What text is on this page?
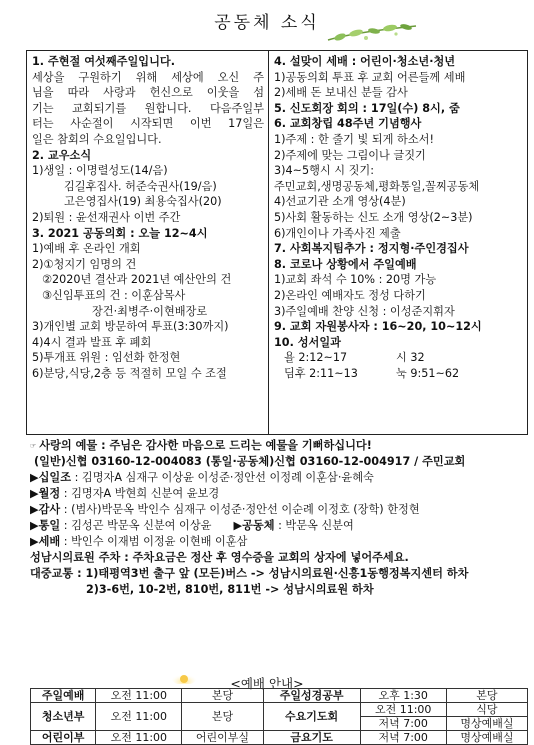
공동체 소식
1. 주현절 여섯째주일입니다.
세상을 구원하기 위해 세상에 오신 주
님을 따라 사랑과 헌신으로 이웃을 섬
기는 교회되기를 원합니다. 다음주일부
터는 사순절이 시작되면 이번 17일은
일은 참회의 수요일입니다.
2. 교우소식
1)생일 : 이명렬성도(14/음)
김길후집사. 허준숙권사(19/음)
고은영집사(19) 최용숙집사(20)
2)퇴원 : 윤선재권사 이번 주간
3. 2021 공동의회 : 오늘 12~4시
1)예배 후 온라인 개회
2)①청지기 임명의 건
②2020년 결산과 2021년 예산안의 건
③신임투표의 건 : 이훈삼목사
장건·최병주·이현배장로
3)개인별 교회 방문하여 투표(3:30까지)
4)4시 결과 발표 후 폐회
5)투개표 위원 : 임선화 한정현
6)분당,식당,2층 등 적절히 모일 수 조절
4. 설맞이 세배 : 어린이·청소년·청년
1)공동의회 투표 후 교회 어른들께 세배
2)세배 돈 보내신 분들 감사
5. 신도회장 회의 : 17일(수) 8시, 줌
6. 교회창립 48주년 기념행사
1)주제 : 한 줄기 빛 되게 하소서!
2)주제에 맞는 그림이나 글짓기
3)4~5행시 시 짓기:
주민교회,생명공동체,평화통일,꼴찌공동체
4)선교기관 소개 영상(4분)
5)사회 활동하는 신도 소개 영상(2~3분)
6)개인이나 가족사진 제출
7. 사회복지팀추가 : 정지형·주인경집사
8. 코로나 상황에서 주일예배
1)교회 좌석 수 10% : 20명 가능
2)온라인 예배자도 정성 다하기
3)주일예배 찬양 신청 : 이성준지휘자
9. 교회 자원봉사자 : 16~20, 10~12시
10. 성서일과
욜 2:12~17	시 32
딤후 2:11~13	눅 9:51~62
☞ 사랑의 예물 : 주님은 감사한 마음으로 드리는 예물을 기뻐하십니다!
(일반)신협 03160-12-004083 (통일·공동체)신협 03160-12-004917 / 주민교회
▶십일조 : 김명자A 심재구 이상윤 이성준·정안선 이정례 이훈삼·윤혜숙
▶월정 : 김명자A 박현희 신분여 윤보경
▶감사 : (범사)박문옥 박인수 심재구 이성준·정안선 이순례 이정호 (장학) 한정현
▶통일 : 김성곤 박문옥 신분여 이상윤 ▶공동체 : 박문옥 신분여
▶세배 : 박인수 이재범 이정윤 이현배 이훈삼
성남시의료원 주차 : 주차요금은 정산 후 영수증을 교회의 상자에 넣어주세요.
대중교통 : 1)태평역3번 출구 앞 (모든)버스 -> 성남시의료원·신흥1동행정복지센터 하차
2)3-6번, 10-2번, 810번, 811번 -> 성남시의료원 하차
<예배 안내>
주일예배	오전 11:00	본당	주일성경공부	오후 1:30	본당
청소년부	오전 11:00	본당	수요기도회	오전 11:00	식당
				저녁 7:00	명상예배실
어린이부	오전 11:00	어린이부실	금요기도	저녁 7:00	명상예배실
